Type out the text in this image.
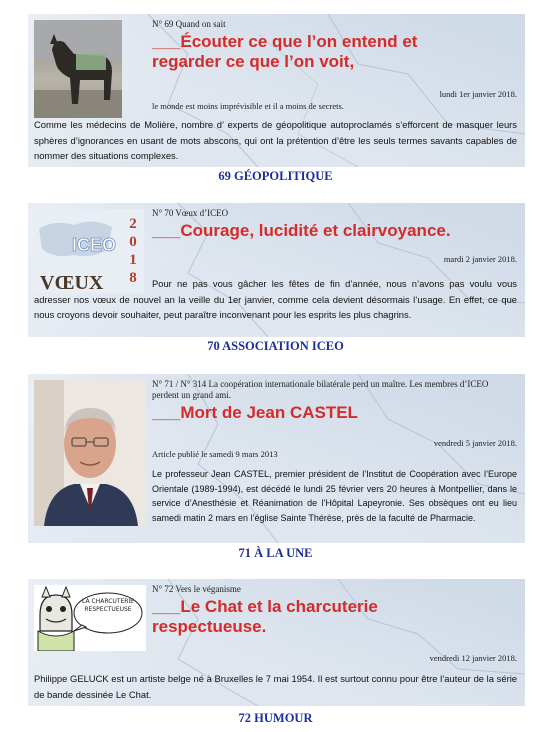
N° 69 Quand on sait
___Écouter ce que l’on entend et regarder ce que l’on voit,
lundi 1er janvier 2018.
le monde est moins imprévisible et il a moins de secrets.
Comme les médecins de Molière, nombre d’ experts de géopolitique autoproclamés s’efforcent de masquer leurs sphères d’ignorances en usant de mots abscons, qui ont la prétention d’être les seuls termes savants capables de nommer des situations complexes.
69 GÉOPOLITIQUE
ICEO
VŒUX
2018
N° 70 Vœux d’ICEO
___Courage, lucidité et clairvoyance.
mardi 2 janvier 2018.
Pour ne pas vous gâcher les fêtes de fin d’année, nous n’avons pas voulu vous adresser nos vœux de nouvel an la veille du 1er janvier, comme cela devient désormais l’usage. En effet, ce que nous croyons devoir souhaiter, peut paraître inconvenant pour les esprits les plus chagrins.
70 ASSOCIATION ICEO
N° 71 / N° 314 La coopération internationale bilatérale perd un maître. Les membres d’ICEO perdent un grand ami.
___Mort de Jean CASTEL
vendredi 5 janvier 2018.
Article publié le samedi 9 mars 2013
Le professeur Jean CASTEL, premier président de l’Institut de Coopération avec l’Europe Orientale (1989-1994), est décédé le lundi 25 février vers 20 heures à Montpellier, dans le service d’Anesthésie et Réanimation de l’Hôpital Lapeyronie. Ses obsèques ont eu lieu samedi matin 2 mars en l’église Sainte Thérèse, près de la faculté de Pharmacie.
71 À LA UNE
LA CHARCUTERIE RESPECTUEUSE
N° 72 Vers le véganisme
___Le Chat et la charcuterie respectueuse.
vendredi 12 janvier 2018.
Philippe GELUCK est un artiste belge né à Bruxelles le 7 mai 1954. Il est surtout connu pour être l’auteur de la série de bande dessinée Le Chat.
72 HUMOUR
